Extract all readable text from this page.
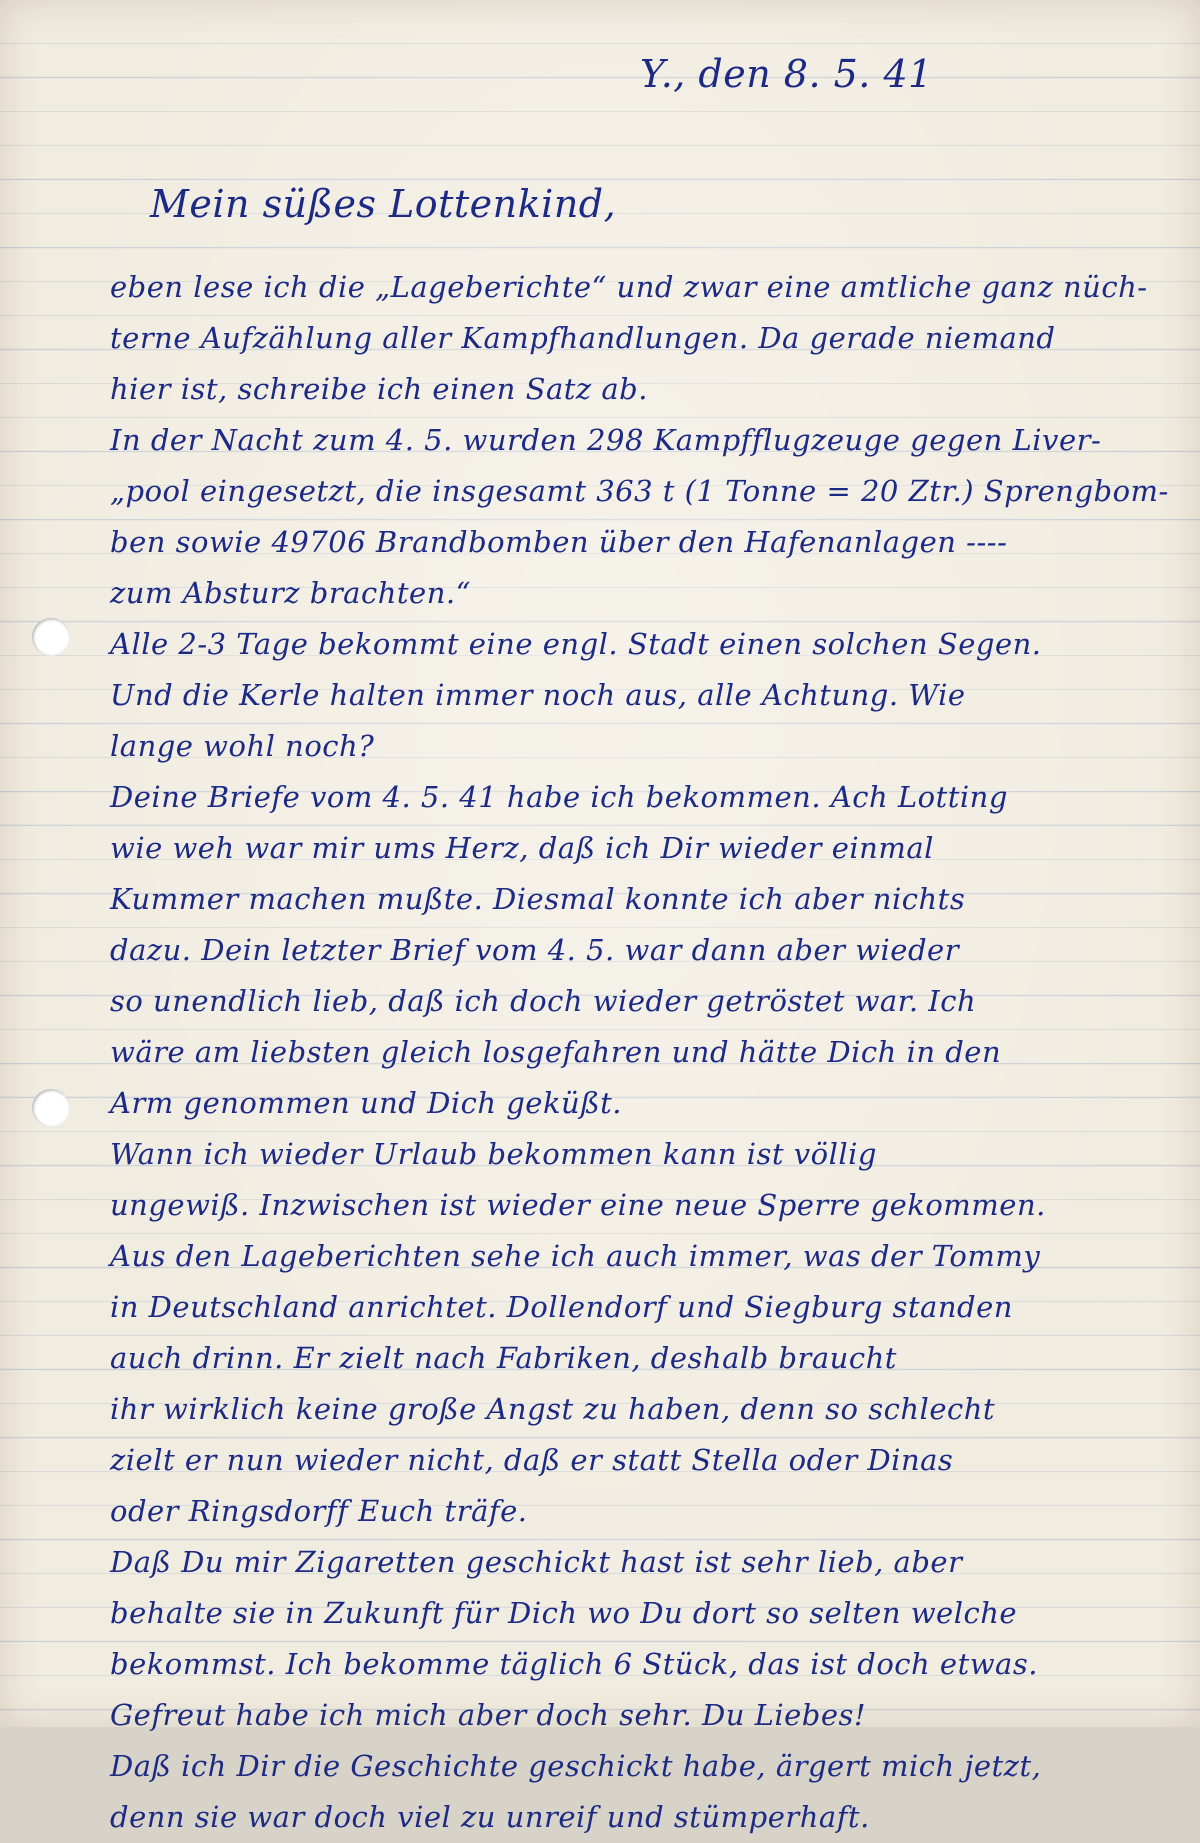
Y., den 8. 5. 41
Mein süßes Lottenkind,
eben lese ich die „Lageberichte“ und zwar eine amtliche ganz nüch-
terne Aufzählung aller Kampfhandlungen. Da gerade niemand
hier ist, schreibe ich einen Satz ab.
In der Nacht zum 4. 5. wurden 298 Kampfflugzeuge gegen Liver-
„pool eingesetzt, die insgesamt 363 t (1 Tonne = 20 Ztr.) Sprengbom-
ben sowie 49706 Brandbomben über den Hafenanlagen ----
zum Absturz brachten.“
Alle 2-3 Tage bekommt eine engl. Stadt einen solchen Segen.
Und die Kerle halten immer noch aus, alle Achtung. Wie
lange wohl noch?
Deine Briefe vom 4. 5. 41 habe ich bekommen. Ach Lotting
wie weh war mir ums Herz, daß ich Dir wieder einmal
Kummer machen mußte. Diesmal konnte ich aber nichts
dazu. Dein letzter Brief vom 4. 5. war dann aber wieder
so unendlich lieb, daß ich doch wieder getröstet war. Ich
wäre am liebsten gleich losgefahren und hätte Dich in den
Arm genommen und Dich geküßt.
Wann ich wieder Urlaub bekommen kann ist völlig
ungewiß. Inzwischen ist wieder eine neue Sperre gekommen.
Aus den Lageberichten sehe ich auch immer, was der Tommy
in Deutschland anrichtet. Dollendorf und Siegburg standen
auch drinn. Er zielt nach Fabriken, deshalb braucht
ihr wirklich keine große Angst zu haben, denn so schlecht
zielt er nun wieder nicht, daß er statt Stella oder Dinas
oder Ringsdorff Euch träfe.
Daß Du mir Zigaretten geschickt hast ist sehr lieb, aber
behalte sie in Zukunft für Dich wo Du dort so selten welche
bekommst. Ich bekomme täglich 6 Stück, das ist doch etwas.
Gefreut habe ich mich aber doch sehr. Du Liebes!
Daß ich Dir die Geschichte geschickt habe, ärgert mich jetzt,
denn sie war doch viel zu unreif und stümperhaft.
